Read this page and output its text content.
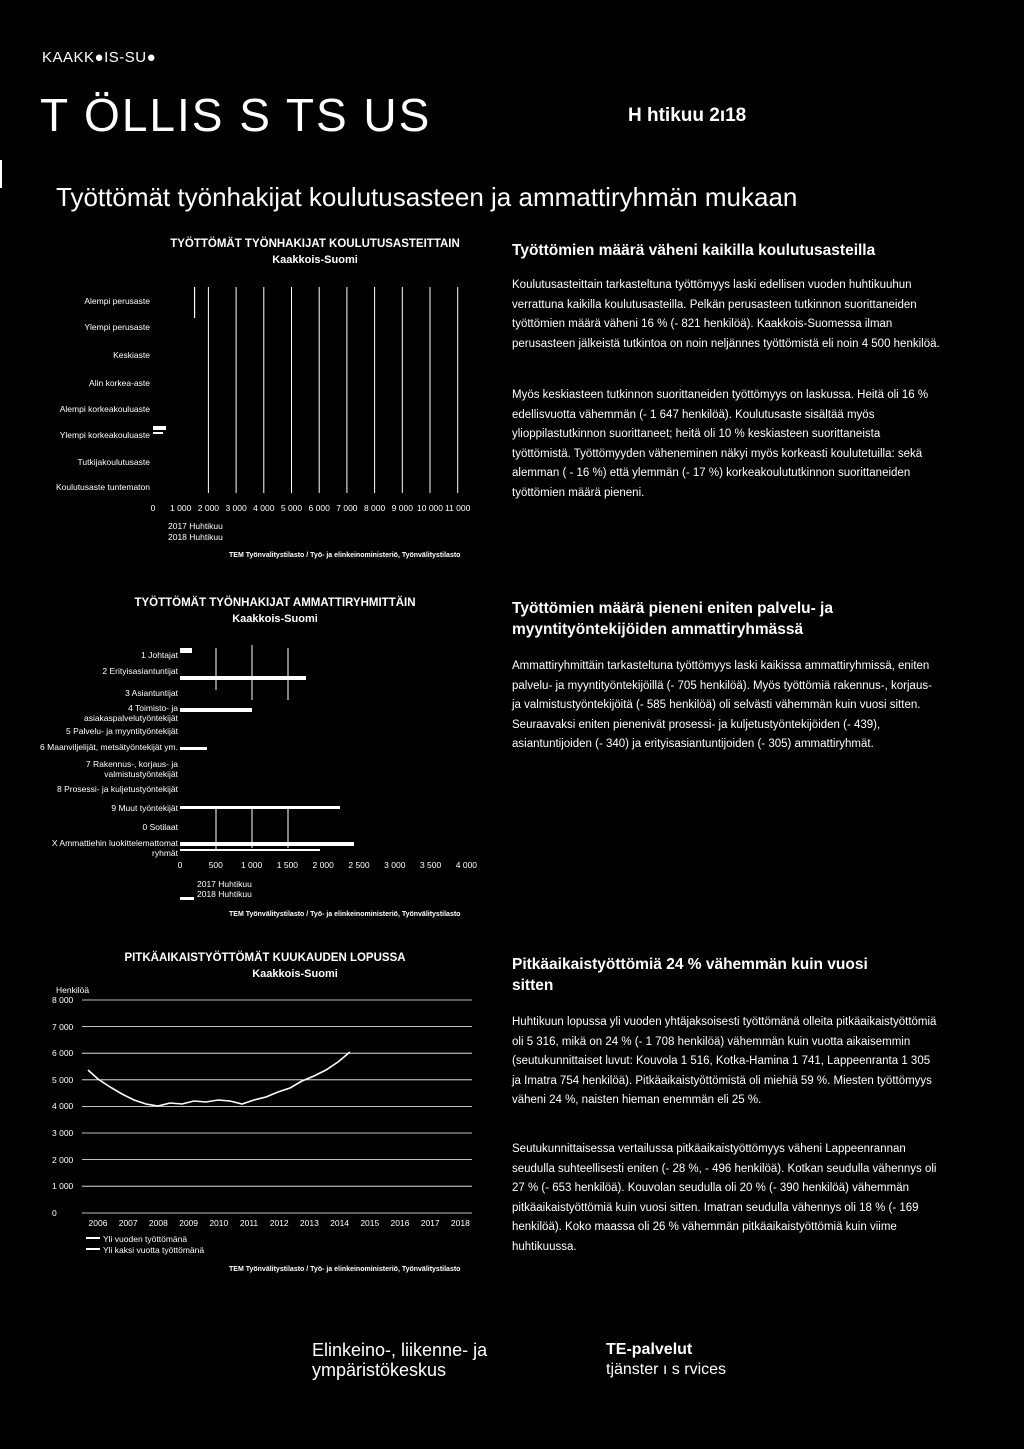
KAAKK●IS-SU●
T ÖLLIS S TS US	H htikuu 2ı18
Työttömät työnhakijat koulutusasteen ja ammattiryhmän mukaan
TYÖTTÖMÄT TYÖNHAKIJAT KOULUTUSASTEITTAIN
Kaakkois-Suomi
Alempi perusaste
Ylempi perusaste
Keskiaste
Alin korkea-aste
Alempi korkeakouluaste
Ylempi korkeakouluaste
Tutkijakoulutusaste
Koulutusaste tuntematon
0	1 000 2 000 3 000 4 000 5 000 6 000 7 000 8 000 9 000 10 000 11 000
2017 Huhtikuu
2018 Huhtikuu
TEM Työnvalitystilasto / Työ- ja elinkeinoministeriö, Työnvälitystilasto
Työttömien määrä väheni kaikilla koulutusasteilla
Koulutusasteittain tarkasteltuna työttömyys laski edellisen vuoden huhtikuuhun verrattuna kaikilla koulutusasteilla. Pelkän perusasteen tutkinnon suorittaneiden työttömien määrä väheni 16 % (- 821 henkilöä). Kaakkois-Suomessa ilman perusasteen jälkeistä tutkintoa on noin neljännes työttömistä eli noin 4 500 henkilöä.
Myös keskiasteen tutkinnon suorittaneiden työttömyys on laskussa. Heitä oli 16 % edellisvuotta vähemmän (- 1 647 henkilöä). Koulutusaste sisältää myös ylioppilastutkinnon suorittaneet; heitä oli 10 % keskiasteen suorittaneista työttömistä. Työttömyyden väheneminen näkyi myös korkeasti koulutetuilla: sekä alemman ( - 16 %) että ylemmän (- 17 %) korkeakoulututkinnon suorittaneiden työttömien määrä pieneni.
TYÖTTÖMÄT TYÖNHAKIJAT AMMATTIRYHMITTÄIN
Kaakkois-Suomi
1 Johtajat
2 Erityisasiantuntijat
3 Asiantuntijat
4 Toimisto- ja asiakaspalvelutyöntekijät
5 Palvelu- ja myyntityöntekijät
6 Maanviljelijät, metsätyöntekijät ym.
7 Rakennus-, korjaus- ja valmistustyöntekijät
8 Prosessi- ja kuljetustyöntekijät
9 Muut työntekijät
0 Sotilaat
X Ammattiehin luokittelemattomat ryhmät
0	500	1 000	1 500	2 000	2 500	3 000	3 500	4 000
2017 Huhtikuu
2018 Huhtikuu
TEM Työnvälitystilasto / Työ- ja elinkeinoministeriö, Työnvälitystilasto
Työttömien määrä pieneni eniten palvelu- ja myyntityöntekijöiden ammattiryhmässä
Ammattiryhmittäin tarkasteltuna työttömyys laski kaikissa ammattiryhmissä, eniten palvelu- ja myyntityöntekijöillä (- 705 henkilöä). Myös työttömiä rakennus-, korjaus- ja valmistustyöntekijöitä (- 585 henkilöä) oli selvästi vähemmän kuin vuosi sitten. Seuraavaksi eniten pienenivät prosessi- ja kuljetustyöntekijöiden (- 439), asiantuntijoiden (- 340) ja erityisasiantuntijoiden (- 305) ammattiryhmät.
PITKÄAIKAISTYÖTTÖMÄT KUUKAUDEN LOPUSSA
Kaakkois-Suomi
Henkilöä
8 000
7 000
6 000
5 000
4 000
3 000
2 000
1 000
0
2006	2007	2008	2009	2010	2011	2012	2013	2014	2015	2016	2017	2018
Yli vuoden työttömänä
Yli kaksi vuotta työttömänä
TEM Työnvälitystilasto / Työ- ja elinkeinoministeriö, Työnvälitystilasto
Pitkäaikaistyöttömiä 24 % vähemmän kuin vuosi sitten
Huhtikuun lopussa yli vuoden yhtäjaksoisesti työttömänä olleita pitkäaikaistyöttömiä oli 5 316, mikä on 24 % (- 1 708 henkilöä) vähemmän kuin vuotta aikaisemmin (seutukunnittaiset luvut: Kouvola 1 516, Kotka-Hamina 1 741, Lappeenranta 1 305 ja Imatra 754 henkilöä). Pitkäaikaistyöttömistä oli miehiä 59 %. Miesten työttömyys väheni 24 %, naisten hieman enemmän eli 25 %.
Seutukunnittaisessa vertailussa pitkäaikaistyöttömyys väheni Lappeenrannan seudulla suhteellisesti eniten (- 28 %, - 496 henkilöä). Kotkan seudulla vähennys oli 27 % (- 653 henkilöä). Kouvolan seudulla oli 20 % (- 390 henkilöä) vähemmän pitkäaikaistyöttömiä kuin vuosi sitten. Imatran seudulla vähennys oli 18 % (- 169 henkilöä). Koko maassa oli 26 % vähemmän pitkäaikaistyöttömiä kuin viime huhtikuussa.
Elinkeino-, liikenne- ja
ympäristökeskus
TE-palvelut
tjänster ı s rvices
